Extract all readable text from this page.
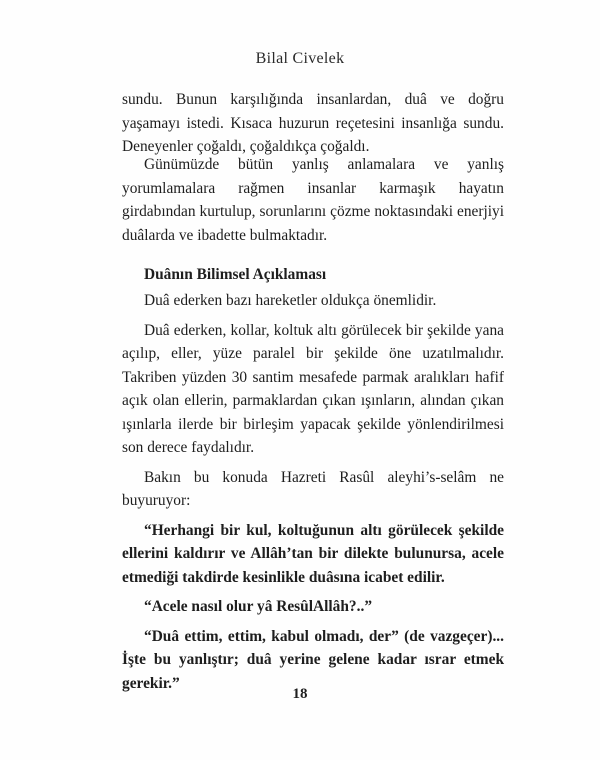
Bilal Civelek

sundu. Bunun karşılığında insanlardan, duâ ve doğru yaşamayı istedi. Kısaca huzurun reçetesini insanlığa sundu. Deneyenler çoğaldı, çoğaldıkça çoğaldı.

Günümüzde bütün yanlış anlamalara ve yanlış yorumlamalara rağmen insanlar karmaşık hayatın girdabından kurtulup, sorunlarını çözme noktasındaki enerjiyi duâlarda ve ibadette bulmaktadır.

Duânın Bilimsel Açıklaması

Duâ ederken bazı hareketler oldukça önemlidir.

Duâ ederken, kollar, koltuk altı görülecek bir şekilde yana açılıp, eller, yüze paralel bir şekilde öne uzatılmalıdır. Takriben yüzden 30 santim mesafede parmak aralıkları hafif açık olan ellerin, parmaklardan çıkan ışınların, alından çıkan ışınlarla ilerde bir birleşim yapacak şekilde yönlendirilmesi son derece faydalıdır.

Bakın bu konuda Hazreti Rasûl aleyhi’s-selâm ne buyuruyor:

“Herhangi bir kul, koltuğunun altı görülecek şekilde ellerini kaldırır ve Allâh’tan bir dilekte bulunursa, acele etmediği takdirde kesinlikle duâsına icabet edilir.

“Acele nasıl olur yâ ResûlAllâh?..”

“Duâ ettim, ettim, kabul olmadı, der” (de vazgeçer)... İşte bu yanlıştır; duâ yerine gelene kadar ısrar etmek gerekir.”

18
